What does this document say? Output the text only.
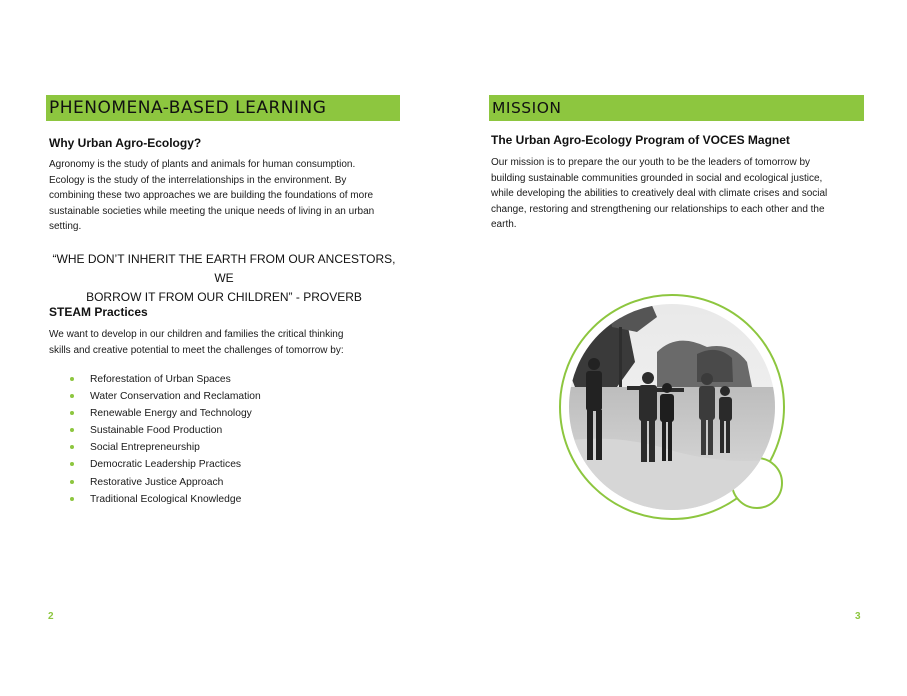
PHENOMENA-BASED LEARNING
Why Urban Agro-Ecology?
Agronomy is the study of plants and animals for human consumption.
Ecology is the study of the interrelationships in the environment. By
combining these two approaches we are building the foundations of more
sustainable societies while meeting the unique needs of living in an urban
setting.
“WHE DON’T INHERIT THE EARTH FROM OUR ANCESTORS, WE
BORROW IT FROM OUR CHILDREN” - PROVERB
STEAM Practices
We want to develop in our children and families the critical thinking
skills and creative potential to meet the challenges of tomorrow by:
Reforestation of Urban Spaces
Water Conservation and Reclamation
Renewable Energy and Technology
Sustainable Food Production
Social Entrepreneurship
Democratic Leadership Practices
Restorative Justice Approach
Traditional Ecological Knowledge
2
MISSION
The Urban Agro-Ecology Program of VOCES Magnet
Our mission is to prepare the our youth to be the leaders of tomorrow by
building sustainable communities grounded in social and ecological justice,
while developing the abilities to creatively deal with climate crises and social
change, restoring and strengthening our relationships to each other and the
earth.
3
